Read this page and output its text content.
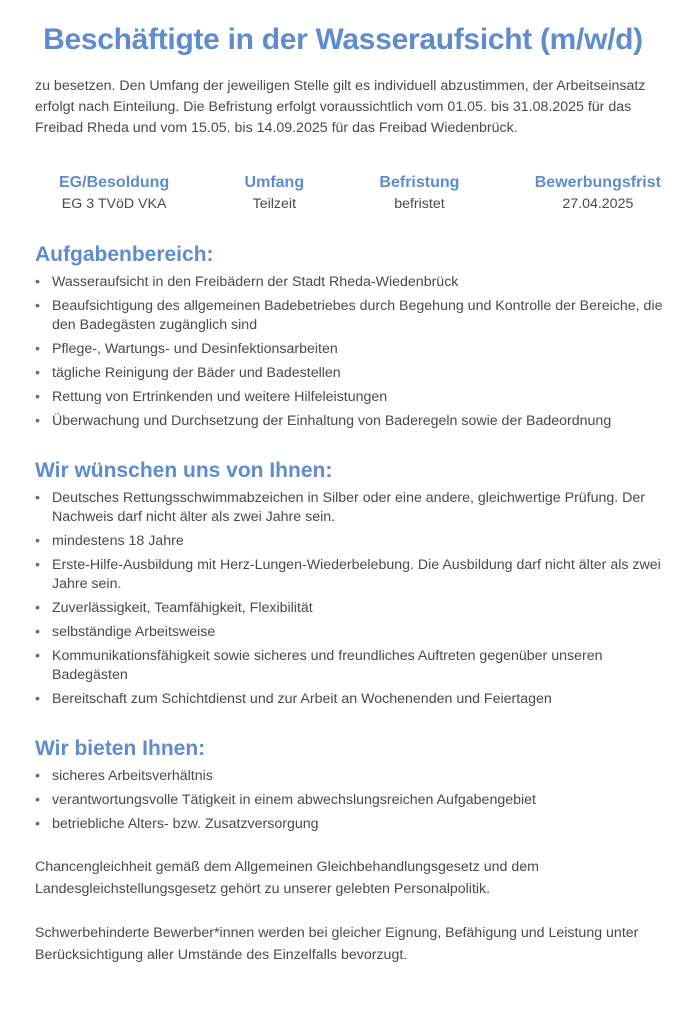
Beschäftigte in der Wasseraufsicht (m/w/d)

zu besetzen. Den Umfang der jeweiligen Stelle gilt es individuell abzustimmen, der Arbeitseinsatz erfolgt nach Einteilung. Die Befristung erfolgt voraussichtlich vom 01.05. bis 31.08.2025 für das Freibad Rheda und vom 15.05. bis 14.09.2025 für das Freibad Wiedenbrück.

EG/Besoldung
EG 3 TVöD VKA
Umfang
Teilzeit
Befristung
befristet
Bewerbungsfrist
27.04.2025
Aufgabenbereich:
• Wasseraufsicht in den Freibädern der Stadt Rheda-Wiedenbrück
• Beaufsichtigung des allgemeinen Badebetriebes durch Begehung und Kontrolle der Bereiche, die den Badegästen zugänglich sind
• Pflege-, Wartungs- und Desinfektionsarbeiten
• tägliche Reinigung der Bäder und Badestellen
• Rettung von Ertrinkenden und weitere Hilfeleistungen
• Überwachung und Durchsetzung der Einhaltung von Baderegeln sowie der Badeordnung
Wir wünschen uns von Ihnen:
• Deutsches Rettungsschwimmabzeichen in Silber oder eine andere, gleichwertige Prüfung. Der Nachweis darf nicht älter als zwei Jahre sein.
• mindestens 18 Jahre
• Erste-Hilfe-Ausbildung mit Herz-Lungen-Wiederbelebung. Die Ausbildung darf nicht älter als zwei Jahre sein.
• Zuverlässigkeit, Teamfähigkeit, Flexibilität
• selbständige Arbeitsweise
• Kommunikationsfähigkeit sowie sicheres und freundliches Auftreten gegenüber unseren Badegästen
• Bereitschaft zum Schichtdienst und zur Arbeit an Wochenenden und Feiertagen
Wir bieten Ihnen:
• sicheres Arbeitsverhältnis
• verantwortungsvolle Tätigkeit in einem abwechslungsreichen Aufgabengebiet
• betriebliche Alters- bzw. Zusatzversorgung

Chancengleichheit gemäß dem Allgemeinen Gleichbehandlungsgesetz und dem Landesgleichstellungsgesetz gehört zu unserer gelebten Personalpolitik.

Schwerbehinderte Bewerber*innen werden bei gleicher Eignung, Befähigung und Leistung unter Berücksichtigung aller Umstände des Einzelfalls bevorzugt.
